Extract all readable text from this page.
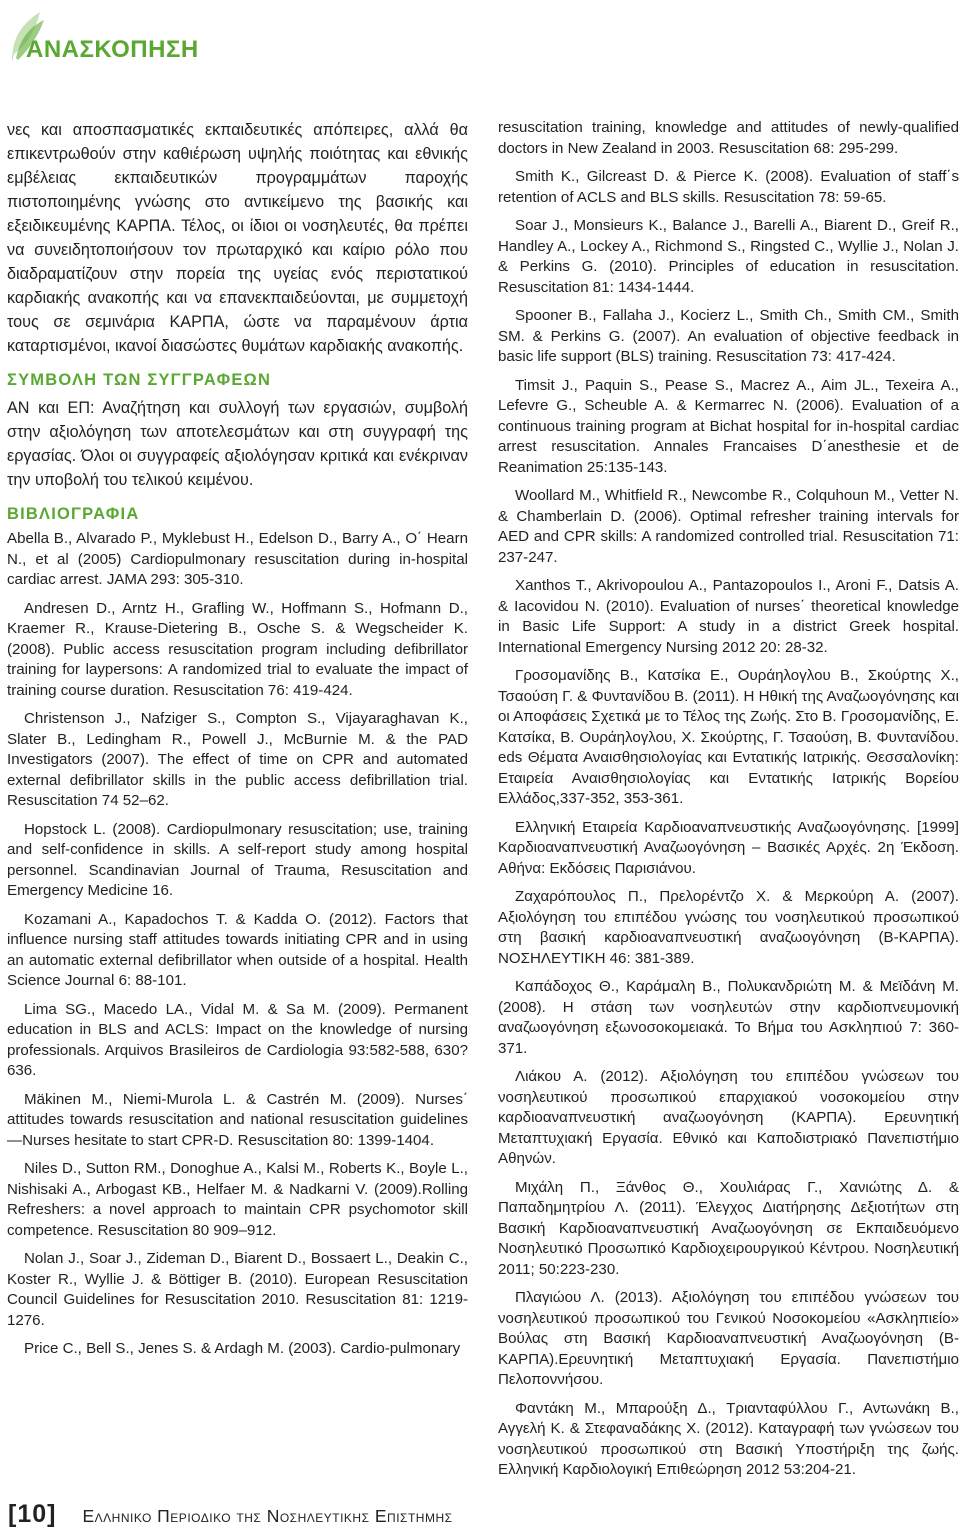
ΑΝΑΣΚΟΠΗΣΗ

νες και αποσπασματικές εκπαιδευτικές απόπειρες, αλλά θα επικεντρωθούν στην καθιέρωση υψηλής ποιότητας και εθνικής εμβέλειας εκπαιδευτικών προγραμμάτων παροχής πιστοποιημένης γνώσης στο αντικείμενο της βασικής και εξειδικευμένης ΚΑΡΠΑ. Τέλος, οι ίδιοι οι νοσηλευτές, θα πρέπει να συνειδητοποιήσουν τον πρωταρχικό και καίριο ρόλο που διαδραματίζουν στην πορεία της υγείας ενός περιστατικού καρδιακής ανακοπής και να επανεκπαιδεύονται, με συμμετοχή τους σε σεμινάρια ΚΑΡΠΑ, ώστε να παραμένουν άρτια καταρτισμένοι, ικανοί διασώστες θυμάτων καρδιακής ανακοπής.

ΣΥΜΒΟΛΗ ΤΩΝ ΣΥΓΓΡΑΦΕΩΝ

ΑΝ και ΕΠ: Αναζήτηση και συλλογή των εργασιών, συμβολή στην αξιολόγηση των αποτελεσμάτων και στη συγγραφή της εργασίας. Όλοι οι συγγραφείς αξιολόγησαν κριτικά και ενέκριναν την υποβολή του τελικού κειμένου.

ΒΙΒΛΙΟΓΡΑΦΙΑ

Abella B., Alvarado P., Myklebust H., Edelson D., Barry A., O΄ Hearn N., et al (2005) Cardiopulmonary resuscitation during in-hospital cardiac arrest. JAMA 293: 305-310.

Andresen D., Arntz H., Grafling W., Hoffmann S., Hofmann D., Kraemer R., Krause-Dietering B., Osche S. & Wegscheider K. (2008). Public access resuscitation program including defibrillator training for laypersons: A randomized trial to evaluate the impact of training course duration. Resuscitation 76: 419-424.

Christenson J., Nafziger S., Compton S., Vijayaraghavan K., Slater B., Ledingham R., Powell J., McBurnie M. & the PAD Investigators (2007). The effect of time on CPR and automated external defibrillator skills in the public access defibrillation trial. Resuscitation 74 52–62.

Hopstock L. (2008). Cardiopulmonary resuscitation; use, training and self-confidence in skills. A self-report study among hospital personnel. Scandinavian Journal of Trauma, Resuscitation and Emergency Medicine 16.

Kozamani A., Kapadochos T. & Kadda O. (2012). Factors that influence nursing staff attitudes towards initiating CPR and in using an automatic external defibrillator when outside of a hospital. Health Science Journal 6: 88-101.

Lima SG., Macedo LA., Vidal M. & Sa M. (2009). Permanent education in BLS and ACLS: Impact on the knowledge of nursing professionals. Arquivos Brasileiros de Cardiologia 93:582-588, 630?636.

Mäkinen M., Niemi-Murola L. & Castrén M. (2009). Nurses΄ attitudes towards resuscitation and national resuscitation guidelines—Nurses hesitate to start CPR-D. Resuscitation 80: 1399-1404.

Niles D., Sutton RM., Donoghue A., Kalsi M., Roberts K., Boyle L., Nishisaki A., Arbogast KB., Helfaer M. & Nadkarni V. (2009).Rolling Refreshers: a novel approach to maintain CPR psychomotor skill competence. Resuscitation 80 909–912.

Nolan J., Soar J., Zideman D., Biarent D., Bossaert L., Deakin C., Koster R., Wyllie J. & Böttiger B. (2010). European Resuscitation Council Guidelines for Resuscitation 2010. Resuscitation 81: 1219-1276.

Price C., Bell S., Jenes S. & Ardagh M. (2003). Cardio-pulmonary

resuscitation training, knowledge and attitudes of newly-qualified doctors in New Zealand in 2003. Resuscitation 68: 295-299.

Smith K., Gilcreast D. & Pierce K. (2008). Evaluation of staff΄s retention of ACLS and BLS skills. Resuscitation 78: 59-65.

Soar J., Monsieurs K., Balance J., Barelli A., Biarent D., Greif R., Handley A., Lockey A., Richmond S., Ringsted C., Wyllie J., Nolan J. & Perkins G. (2010). Principles of education in resuscitation. Resuscitation 81: 1434-1444.

Spooner B., Fallaha J., Kocierz L., Smith Ch., Smith CM., Smith SM. & Perkins G. (2007). An evaluation of objective feedback in basic life support (BLS) training. Resuscitation 73: 417-424.

Timsit J., Paquin S., Pease S., Macrez A., Aim JL., Texeira A., Lefevre G., Scheuble A. & Kermarrec N. (2006). Evaluation of a continuous training program at Bichat hospital for in-hospital cardiac arrest resuscitation. Annales Francaises D΄anesthesie et de Reanimation 25:135-143.

Woollard M., Whitfield R., Newcombe R., Colquhoun M., Vetter N. & Chamberlain D. (2006). Optimal refresher training intervals for AED and CPR skills: A randomized controlled trial. Resuscitation 71: 237-247.

Xanthos T., Akrivopoulou A., Pantazopoulos I., Aroni F., Datsis A. & Iacovidou N. (2010). Evaluation of nurses΄ theoretical knowledge in Basic Life Support: A study in a district Greek hospital. International Emergency Nursing 2012 20: 28-32.

Γροσομανίδης Β., Κατσίκα Ε., Ουράηλογλου Β., Σκούρτης Χ., Τσαούση Γ. & Φυντανίδου Β. (2011). Η Ηθική της Αναζωογόνησης και οι Αποφάσεις Σχετικά με το Τέλος της Ζωής. Στο Β. Γροσομανίδης, Ε. Κατσίκα, Β. Ουράηλογλου, Χ. Σκούρτης, Γ. Τσαούση, Β. Φυντανίδου. eds Θέματα Αναισθησιολογίας και Εντατικής Ιατρικής. Θεσσαλονίκη: Εταιρεία Αναισθησιολογίας και Εντατικής Ιατρικής Βορείου Ελλάδος,337-352, 353-361.

Ελληνική Εταιρεία Καρδιοαναπνευστικής Αναζωογόνησης. [1999] Καρδιοαναπνευστική Αναζωογόνηση – Βασικές Αρχές. 2η Έκδοση. Αθήνα: Εκδόσεις Παρισιάνου.

Ζαχαρόπουλος Π., Πρελορέντζο Χ. & Μερκούρη Α. (2007). Αξιολόγηση του επιπέδου γνώσης του νοσηλευτικού προσωπικού στη βασική καρδιοαναπνευστική αναζωογόνηση (Β-ΚΑΡΠΑ). ΝΟΣΗΛΕΥΤΙΚΗ 46: 381-389.

Καπάδοχος Θ., Καράμαλη Β., Πολυκανδριώτη Μ. & Μεϊδάνη Μ. (2008). Η στάση των νοσηλευτών στην καρδιοπνευμονική αναζωογόνηση εξωνοσοκομειακά. Το Βήμα του Ασκληπιού 7: 360-371.

Λιάκου Α. (2012). Αξιολόγηση του επιπέδου γνώσεων του νοσηλευτικού προσωπικού επαρχιακού νοσοκομείου στην καρδιοαναπνευστική αναζωογόνηση (ΚΑΡΠΑ). Ερευνητική Μεταπτυχιακή Εργασία. Εθνικό και Καποδιστριακό Πανεπιστήμιο Αθηνών.

Μιχάλη Π., Ξάνθος Θ., Χουλιάρας Γ., Χανιώτης Δ. & Παπαδημητρίου Λ. (2011). Έλεγχος Διατήρησης Δεξιοτήτων στη Βασική Καρδιοαναπνευστική Αναζωογόνηση σε Εκπαιδευόμενο Νοσηλευτικό Προσωπικό Καρδιοχειρουργικού Κέντρου. Νοσηλευτική 2011; 50:223-230.

Πλαγιώου Λ. (2013). Αξιολόγηση του επιπέδου γνώσεων του νοσηλευτικού προσωπικού του Γενικού Νοσοκομείου «Ασκληπιείο» Βούλας στη Βασική Καρδιοαναπνευστική Αναζωογόνηση (Β-ΚΑΡΠΑ).Ερευνητική Μεταπτυχιακή Εργασία. Πανεπιστήμιο Πελοποννήσου.

Φαντάκη Μ., Μπαρούξη Δ., Τριανταφύλλου Γ., Αντωνάκη Β., Αγγελή Κ. & Στεφαναδάκης Χ. (2012). Καταγραφή των γνώσεων του νοσηλευτικού προσωπικού στη Βασική Υποστήριξη της ζωής. Ελληνική Καρδιολογική Επιθεώρηση 2012 53:204-21.

[10] Ελληνικο Περιοδικο της Νοσηλευτικης Επιστημης
